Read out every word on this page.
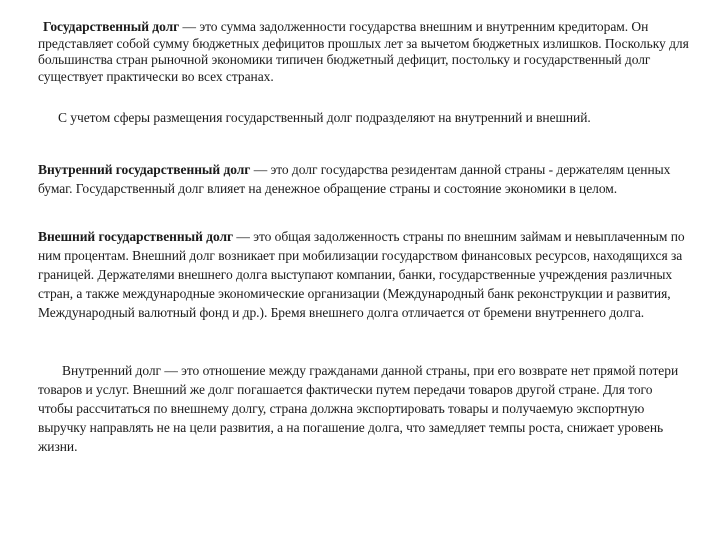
Государственный долг — это сумма задолженности государства внешним и внутренним кредиторам. Он представляет собой сумму бюджетных дефицитов прошлых лет за вычетом бюджетных излишков. Поскольку для большинства стран рыночной экономики типичен бюджетный дефицит, постольку и государственный долг существует практически во всех странах.

С учетом сферы размещения государственный долг подразделяют на внутренний и внешний.

Внутренний государственный долг — это долг государства резидентам данной страны - держателям ценных бумаг. Государственный долг влияет на денежное обращение страны и состояние экономики в целом.

Внешний государственный долг — это общая задолженность страны по внешним займам и невыплаченным по ним процентам. Внешний долг возникает при мобилизации государством финансовых ресурсов, находящихся за границей. Держателями внешнего долга выступают компании, банки, государственные учреждения различных стран, а также международные экономические организации (Международный банк реконструкции и развития, Международный валютный фонд и др.). Бремя внешнего долга отличается от бремени внутреннего долга.

Внутренний долг — это отношение между гражданами данной страны, при его возврате нет прямой потери товаров и услуг. Внешний же долг погашается фактически путем передачи товаров другой стране. Для того чтобы рассчитаться по внешнему долгу, страна должна экспортировать товары и получаемую экспортную выручку направлять не на цели развития, а на погашение долга, что замедляет темпы роста, снижает уровень жизни.
